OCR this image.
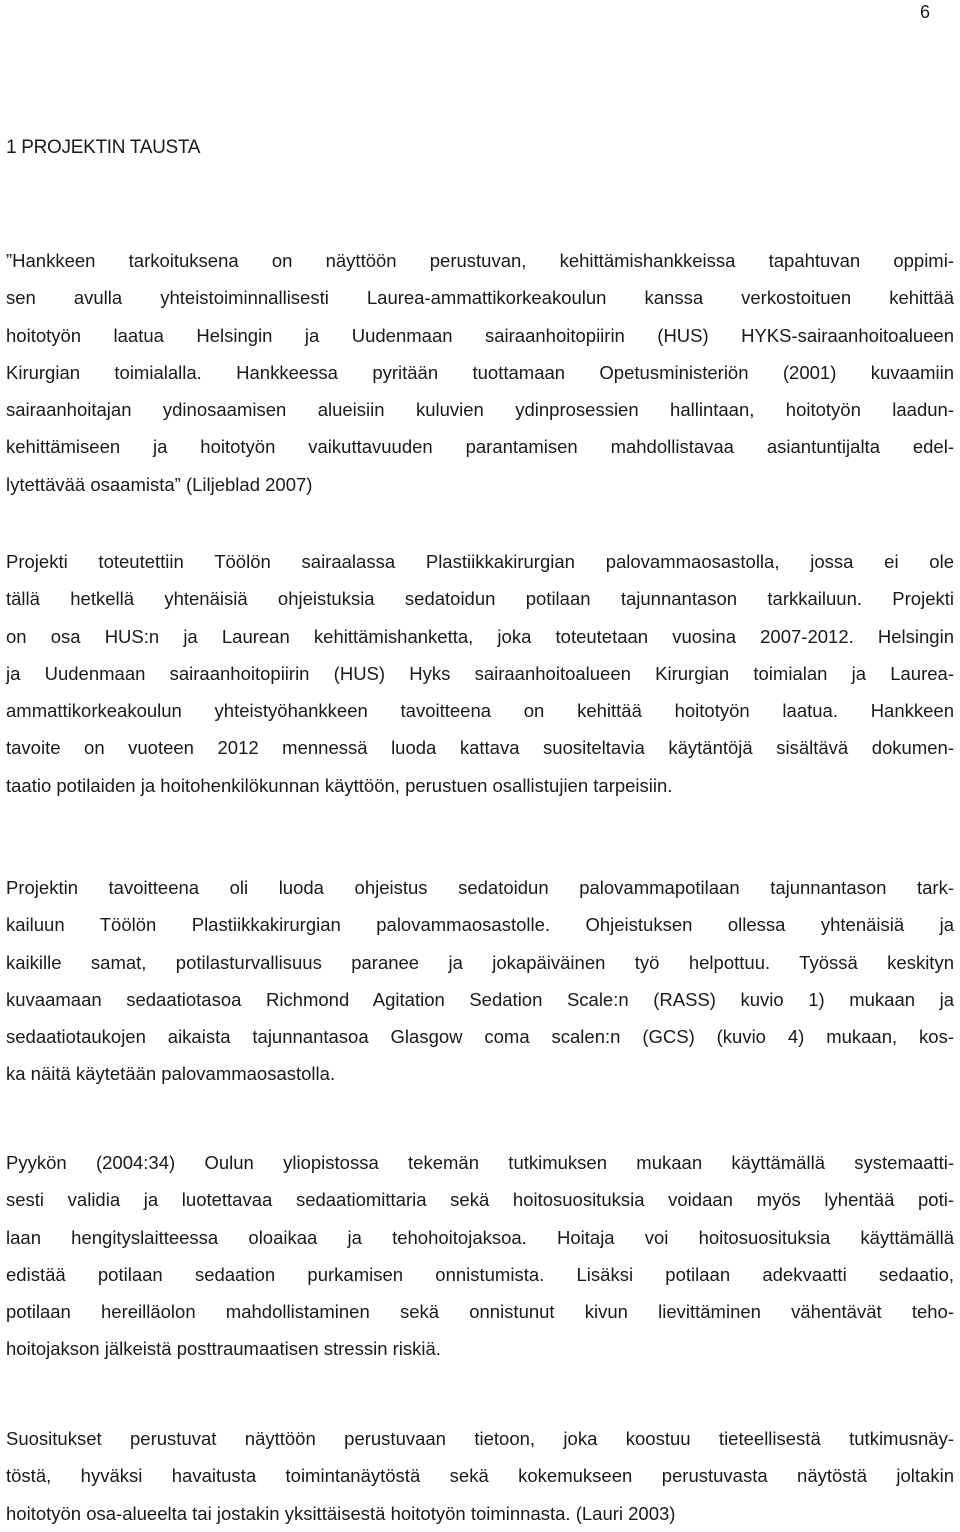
6
1 PROJEKTIN TAUSTA
”Hankkeen tarkoituksena on näyttöön perustuvan, kehittämishankkeissa tapahtuvan oppimi-
sen avulla yhteistoiminnallisesti Laurea-ammattikorkeakoulun kanssa verkostoituen kehittää
hoitotyön laatua Helsingin ja Uudenmaan sairaanhoitopiirin (HUS) HYKS-sairaanhoitoalueen
Kirurgian toimialalla. Hankkeessa pyritään tuottamaan Opetusministeriön (2001) kuvaamiin
sairaanhoitajan ydinosaamisen alueisiin kuluvien ydinprosessien hallintaan, hoitotyön laadun-
kehittämiseen ja hoitotyön vaikuttavuuden parantamisen mahdollistavaa asiantuntijalta edel-
lytettävää osaamista” (Liljeblad 2007)
Projekti toteutettiin Töölön sairaalassa Plastiikkakirurgian palovammaosastolla, jossa ei ole
tällä hetkellä yhtenäisiä ohjeistuksia sedatoidun potilaan tajunnantason tarkkailuun. Projekti
on osa HUS:n ja Laurean kehittämishanketta, joka toteutetaan vuosina 2007-2012. Helsingin
ja Uudenmaan sairaanhoitopiirin (HUS) Hyks sairaanhoitoalueen Kirurgian toimialan ja Laurea-
ammattikorkeakoulun yhteistyöhankkeen tavoitteena on kehittää hoitotyön laatua. Hankkeen
tavoite on vuoteen 2012 mennessä luoda kattava suositeltavia käytäntöjä sisältävä dokumen-
taatio potilaiden ja hoitohenkilökunnan käyttöön, perustuen osallistujien tarpeisiin.
Projektin tavoitteena oli luoda ohjeistus sedatoidun palovammapotilaan tajunnantason tark-
kailuun Töölön Plastiikkakirurgian palovammaosastolle. Ohjeistuksen ollessa yhtenäisiä ja
kaikille samat, potilasturvallisuus paranee ja jokapäiväinen työ helpottuu. Työssä keskityn
kuvaamaan sedaatiotasoa Richmond Agitation Sedation Scale:n (RASS) kuvio 1) mukaan ja
sedaatiotaukojen aikaista tajunnantasoa Glasgow coma scalen:n (GCS) (kuvio 4) mukaan, kos-
ka näitä käytetään palovammaosastolla.
Pyykön (2004:34) Oulun yliopistossa tekemän tutkimuksen mukaan käyttämällä systemaatti-
sesti validia ja luotettavaa sedaatiomittaria sekä hoitosuosituksia voidaan myös lyhentää poti-
laan hengityslaitteessa oloaikaa ja tehohoitojaksoa. Hoitaja voi hoitosuosituksia käyttämällä
edistää potilaan sedaation purkamisen onnistumista. Lisäksi potilaan adekvaatti sedaatio,
potilaan hereilläolon mahdollistaminen sekä onnistunut kivun lievittäminen vähentävät teho-
hoitojakson jälkeistä posttraumaatisen stressin riskiä.
Suositukset perustuvat näyttöön perustuvaan tietoon, joka koostuu tieteellisestä tutkimusnäy-
töstä, hyväksi havaitusta toimintanäytöstä sekä kokemukseen perustuvasta näytöstä joltakin
hoitotyön osa-alueelta tai jostakin yksittäisestä hoitotyön toiminnasta. (Lauri 2003)
